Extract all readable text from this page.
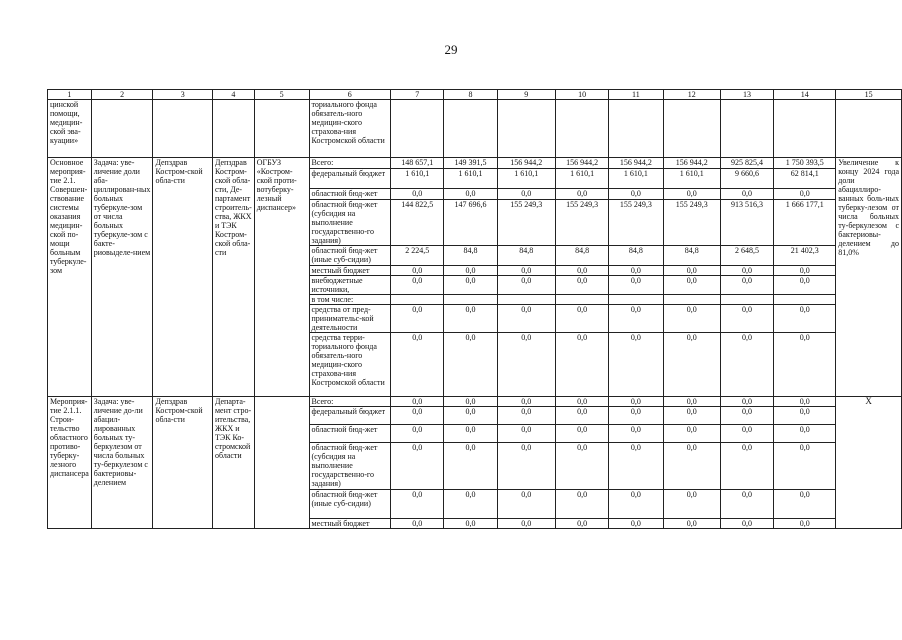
29
1	2	3	4	5	6	7	8	9	10	11	12	13	14	15
цинской помощи, медицин-ской эва-куации»					ториального фонда обязатель-ного медицин-ского страхова-ния Костромской области									
Основное мероприя-тие 2.1. Совершен-ствование системы оказания медицин-ской по-мощи больным туберкуле-зом	Задача: уве-личение доли аба-циллирован-ных больных туберкуле-зом от числа больных туберкуле-зом с бакте-риовыделе-нием	Депздрав Костром-ской обла-сти	Депздрав Костром-ской обла-сти, Де-партамент строитель-ства, ЖКХ и ТЭК Костром-ской обла-сти	ОГБУЗ «Костром-ской проти-вотуберку-лезный диспансер»	Всего:	148 657,1	149 391,5	156 944,2	156 944,2	156 944,2	156 944,2	925 825,4	1 750 393,5	Увеличение к концу 2024 года доли абациллиро-ванных боль-ных туберку-лезом от числа больных ту-беркулезом с бактериовы-делением до 81,0%
					федеральный бюджет	1 610,1	1 610,1	1 610,1	1 610,1	1 610,1	1 610,1	9 660,6	62 814,1	
					областной бюд-жет	0,0	0,0	0,0	0,0	0,0	0,0	0,0	0,0	
					областной бюд-жет (субсидия на выполнение государственно-го задания)	144 822,5	147 696,6	155 249,3	155 249,3	155 249,3	155 249,3	913 516,3	1 666 177,1	
					областной бюд-жет (иные суб-сидии)	2 224,5	84,8	84,8	84,8	84,8	84,8	2 648,5	21 402,3	
					местный бюджет	0,0	0,0	0,0	0,0	0,0	0,0	0,0	0,0	
					внебюджетные источники,	0,0	0,0	0,0	0,0	0,0	0,0	0,0	0,0	
					в том числе:									
					средства от пред-принимательс-кой деятельности	0,0	0,0	0,0	0,0	0,0	0,0	0,0	0,0	
					средства терри-ториального фонда обязатель-ного медицин-ского страхова-ния Костромской области	0,0	0,0	0,0	0,0	0,0	0,0	0,0	0,0	
Мероприя-тие 2.1.1. Строи-тельство областного противо-туберку-лезного диспансера	Задача: уве-личение до-ли абацил-лированных больных ту-беркулезом от числа больных ту-беркулезом с бактериовы-делением	Депздрав Костром-ской обла-сти	Департа-мент стро-ительства, ЖКХ и ТЭК Ко-стромской области		Всего:	0,0	0,0	0,0	0,0	0,0	0,0	0,0	0,0	X
					федеральный бюджет	0,0	0,0	0,0	0,0	0,0	0,0	0,0	0,0	
					областной бюд-жет	0,0	0,0	0,0	0,0	0,0	0,0	0,0	0,0	
					областной бюд-жет (субсидия на выполнение государственно-го задания)	0,0	0,0	0,0	0,0	0,0	0,0	0,0	0,0	
					областной бюд-жет (иные суб-сидии)	0,0	0,0	0,0	0,0	0,0	0,0	0,0	0,0	
					местный бюджет	0,0	0,0	0,0	0,0	0,0	0,0	0,0	0,0	
